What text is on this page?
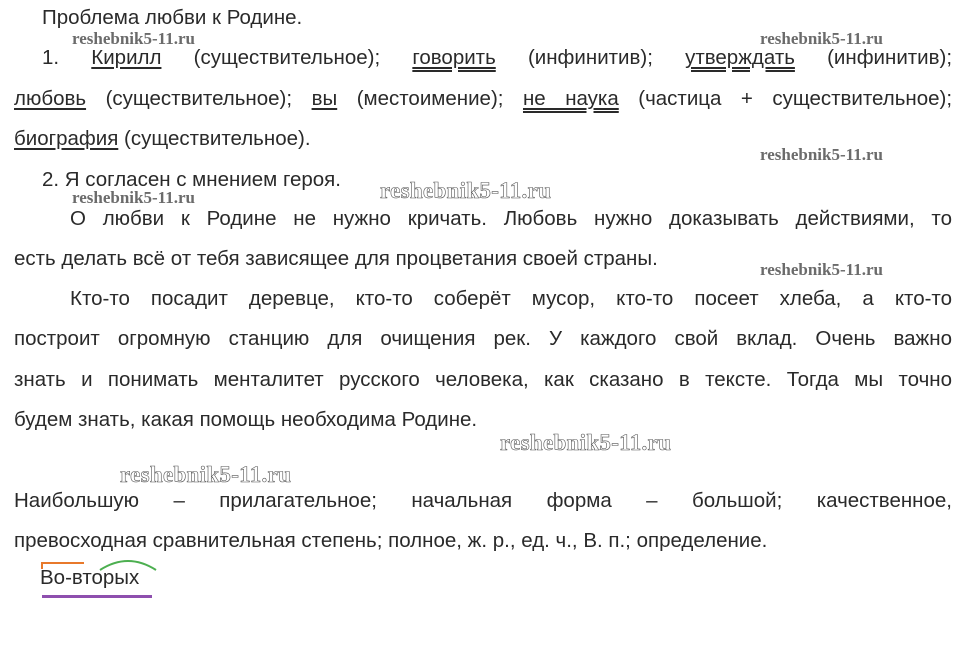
Проблема любви к Родине.
1. Кирилл (существительное); говорить (инфинитив); утверждать (инфинитив);
любовь (существительное); вы (местоимение); не наука (частица + существительное);
биография (существительное).
2. Я согласен с мнением героя.
О любви к Родине не нужно кричать. Любовь нужно доказывать действиями, то
есть делать всё от тебя зависящее для процветания своей страны.
Кто-то посадит деревце, кто-то соберёт мусор, кто-то посеет хлеба, а кто-то
построит огромную станцию для очищения рек. У каждого свой вклад. Очень важно
знать и понимать менталитет русского человека, как сказано в тексте. Тогда мы точно
будем знать, какая помощь необходима Родине.
Наибольшую – прилагательное; начальная форма – большой; качественное,
превосходная сравнительная степень; полное, ж. р., ед. ч., В. п.; определение.
Во-вторых
reshebnik5-11.ru	reshebnik5-11.ru
reshebnik5-11.ru
reshebnik5-11.ru	reshebnik5-11.ru
reshebnik5-11.ru
reshebnik5-11.ru
reshebnik5-11.ru
